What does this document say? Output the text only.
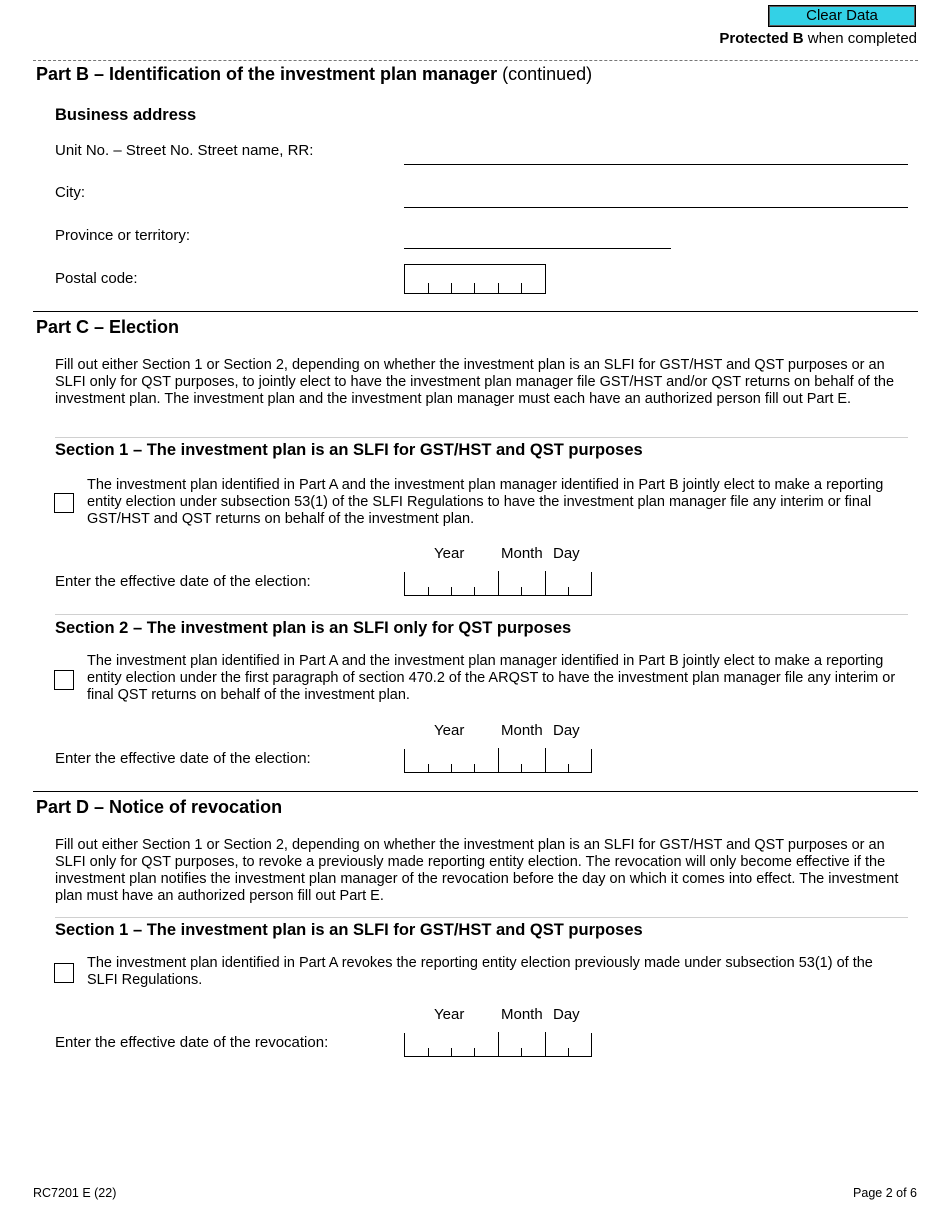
Clear Data
Protected B when completed
Part B – Identification of the investment plan manager (continued)
Business address
Unit No. – Street No. Street name, RR:
City:
Province or territory:
Postal code:
Part C – Election
Fill out either Section 1 or Section 2, depending on whether the investment plan is an SLFI for GST/HST and QST purposes or an SLFI only for QST purposes, to jointly elect to have the investment plan manager file GST/HST and/or QST returns on behalf of the investment plan. The investment plan and the investment plan manager must each have an authorized person fill out Part E.
Section 1 – The investment plan is an SLFI for GST/HST and QST purposes
The investment plan identified in Part A and the investment plan manager identified in Part B jointly elect to make a reporting entity election under subsection 53(1) of the SLFI Regulations to have the investment plan manager file any interim or final GST/HST and QST returns on behalf of the investment plan.
Year Month Day
Enter the effective date of the election:
Section 2 – The investment plan is an SLFI only for QST purposes
The investment plan identified in Part A and the investment plan manager identified in Part B jointly elect to make a reporting entity election under the first paragraph of section 470.2 of the ARQST to have the investment plan manager file any interim or final QST returns on behalf of the investment plan.
Year Month Day
Enter the effective date of the election:
Part D – Notice of revocation
Fill out either Section 1 or Section 2, depending on whether the investment plan is an SLFI for GST/HST and QST purposes or an SLFI only for QST purposes, to revoke a previously made reporting entity election. The revocation will only become effective if the investment plan notifies the investment plan manager of the revocation before the day on which it comes into effect. The investment plan must have an authorized person fill out Part E.
Section 1 – The investment plan is an SLFI for GST/HST and QST purposes
The investment plan identified in Part A revokes the reporting entity election previously made under subsection 53(1) of the SLFI Regulations.
Year Month Day
Enter the effective date of the revocation:
RC7201 E (22)	Page 2 of 6
